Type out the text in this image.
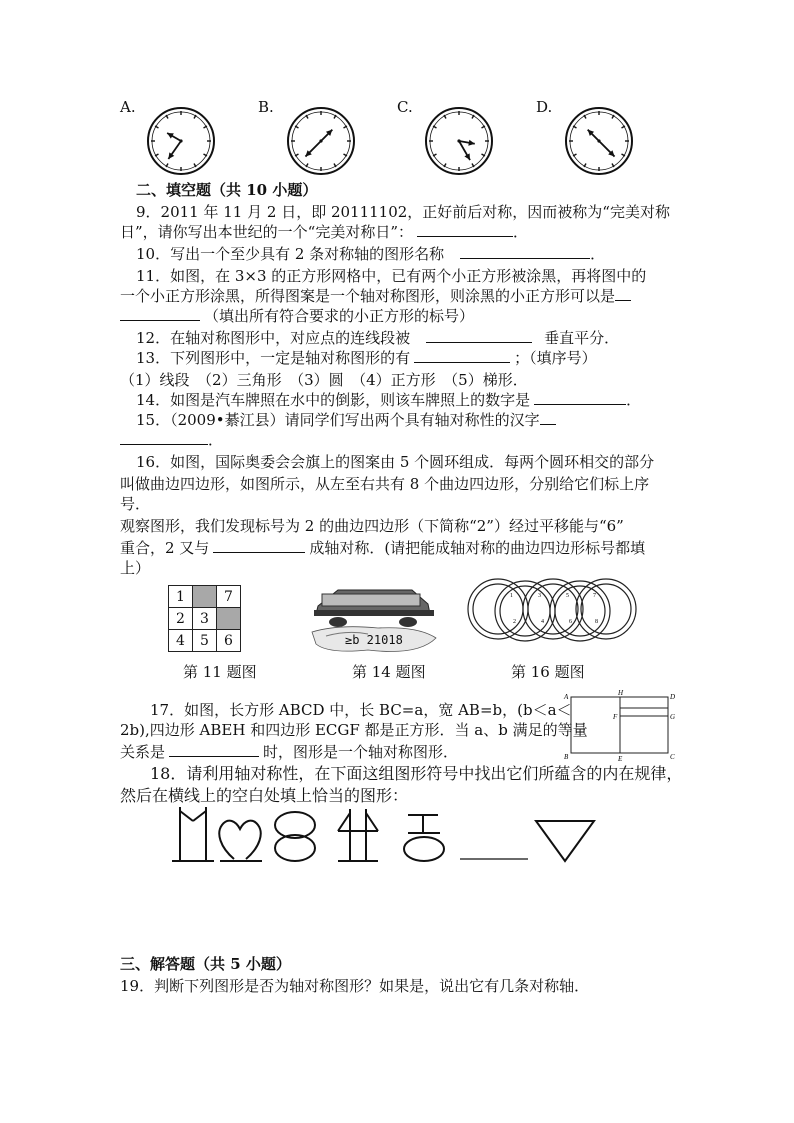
A.	B.	C.	D.
二、填空题（共 10 小题）
9．2011 年 11 月 2 日，即 20111102，正好前后对称，因而被称为“完美对称
日”，请你写出本世纪的一个“完美对称日”：	．
10．写出一个至少具有 2 条对称轴的图形名称	．
11．如图，在 3×3 的正方形网格中，已有两个小正方形被涂黑，再将图中的
一个小正方形涂黑，所得图案是一个轴对称图形，则涂黑的小正方形可以是
（填出所有符合要求的小正方形的标号）
12．在轴对称图形中，对应点的连线段被	垂直平分．
13．下列图形中，一定是轴对称图形的有	；（填序号）
（1）线段　（2）三角形　（3）圆　（4）正方形　（5）梯形．
14．如图是汽车牌照在水中的倒影，则该车牌照上的数字是	．
15．（2009•綦江县）请同学们写出两个具有轴对称性的汉字
．
16．如图，国际奥委会会旗上的图案由 5 个圆环组成．每两个圆环相交的部分
叫做曲边四边形，如图所示，从左至右共有 8 个曲边四边形，分别给它们标上序
号．
观察图形，我们发现标号为 2 的曲边四边形（下简称“2”）经过平移能与“6”
重合，2 又与	成轴对称．(请把能成轴对称的曲边四边形标号都填
上）
1		7
2	3	
4	5	6	≥b 21018
1
2
3
4
5
6
7
8
第 11 题图	第 14 题图	第 16 题图
17．如图，长方形 ABCD 中，长 BC=a，宽 AB=b，(b＜a＜
2b),四边形 ABEH 和四边形 ECGF 都是正方形．当 a、b 满足的等量
关系是	时，图形是一个轴对称图形．
A	H	D
F	G
B	E	C
18．请利用轴对称性，在下面这组图形符号中找出它们所蕴含的内在规律，
然后在横线上的空白处填上恰当的图形：
三、解答题（共 5 小题）
19．判断下列图形是否为轴对称图形？如果是，说出它有几条对称轴．
